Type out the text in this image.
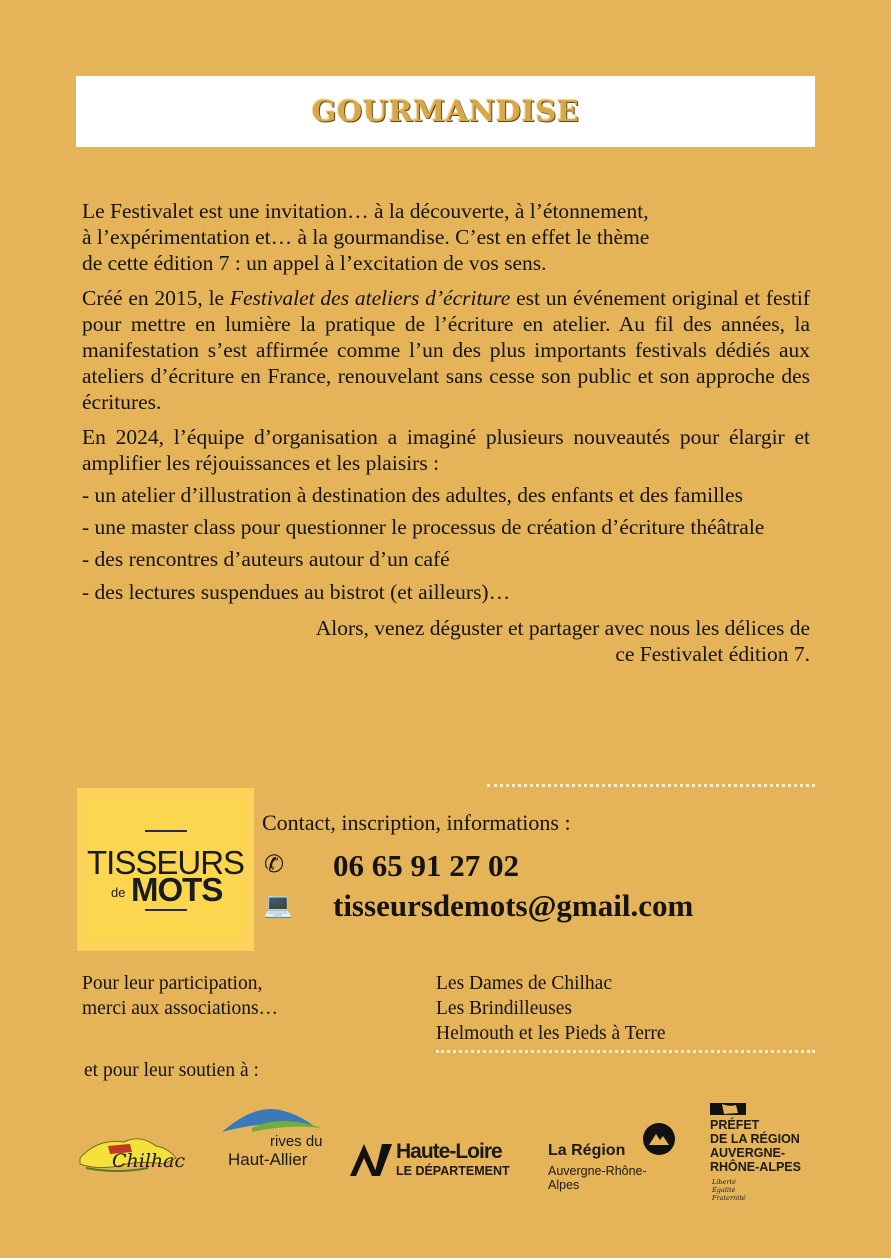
GOURMANDISE

Le Festivalet est une invitation… à la découverte, à l’étonnement,
à l’expérimentation et… à la gourmandise. C’est en effet le thème
de cette édition 7 : un appel à l’excitation de vos sens.

Créé en 2015, le Festivalet des ateliers d’écriture est un événement original et festif pour mettre en lumière la pratique de l’écriture en atelier. Au fil des années, la manifestation s’est affirmée comme l’un des plus importants festivals dédiés aux ateliers d’écriture en France, renouvelant sans cesse son public et son approche des écritures.

En 2024, l’équipe d’organisation a imaginé plusieurs nouveautés pour élargir et amplifier les réjouissances et les plaisirs :

- un atelier d’illustration à destination des adultes, des enfants et des familles

- une master class pour questionner le processus de création d’écriture théâtrale

- des rencontres d’auteurs autour d’un café

- des lectures suspendues au bistrot (et ailleurs)…

Alors, venez déguster et partager avec nous les délices de
ce Festivalet édition 7.

TISSEURS
de MOTS
Contact, inscription, informations :
✆ 06 65 91 27 02
💻 tisseursdemots@gmail.com
Pour leur participation,
merci aux associations…
Les Dames de Chilhac
Les Brindilleuses
Helmouth et les Pieds à Terre
et pour leur soutien à :
Chilhac
rives du
Haut-Allier	Haute-Loire
LE DÉPARTEMENT
La Région
Auvergne-Rhône-Alpes
PRÉFET
DE LA RÉGION
AUVERGNE-
RHÔNE-ALPES
Liberté
Égalité
Fraternité
